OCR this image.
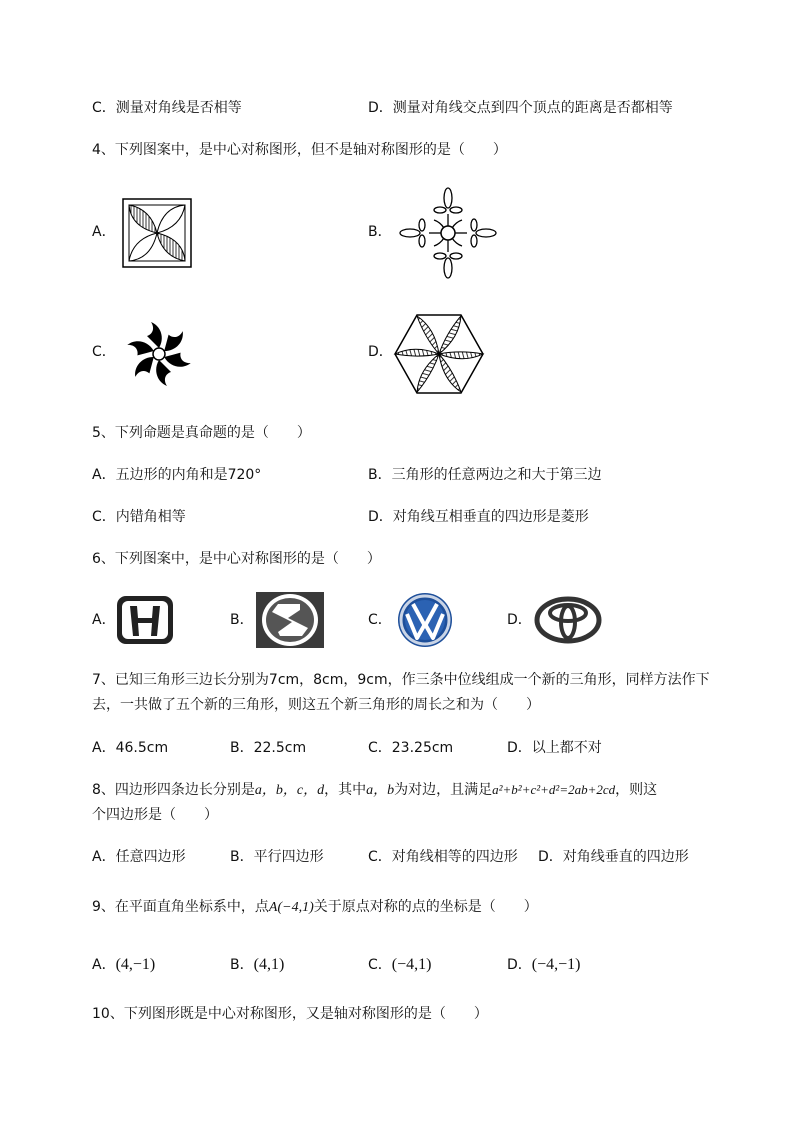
C．测量对角线是否相等	D．测量对角线交点到四个顶点的距离是否都相等
4、下列图案中，是中心对称图形，但不是轴对称图形的是（　　）
A．	B．
C．	D．
5、下列命题是真命题的是（　　）
A．五边形的内角和是720°	B．三角形的任意两边之和大于第三边
C．内错角相等	D．对角线互相垂直的四边形是菱形
6、下列图案中，是中心对称图形的是（　　）
A．	B．	C．	D．
7、已知三角形三边长分别为7cm，8cm，9cm，作三条中位线组成一个新的三角形，同样方法作下
去，一共做了五个新的三角形，则这五个新三角形的周长之和为（　　）
A．46.5cm	B．22.5cm	C．23.25cm	D．以上都不对
8、四边形四条边长分别是a，b，c，d，其中a，b为对边，且满足a²+b²+c²+d²=2ab+2cd，则这
个四边形是（　　）
A．任意四边形	B．平行四边形	C．对角线相等的四边形 D．对角线垂直的四边形
9、在平面直角坐标系中，点A(−4,1)关于原点对称的点的坐标是（　　）
A．(4,−1)	B．(4,1)	C．(−4,1)	D．(−4,−1)
10、下列图形既是中心对称图形，又是轴对称图形的是（　　）
